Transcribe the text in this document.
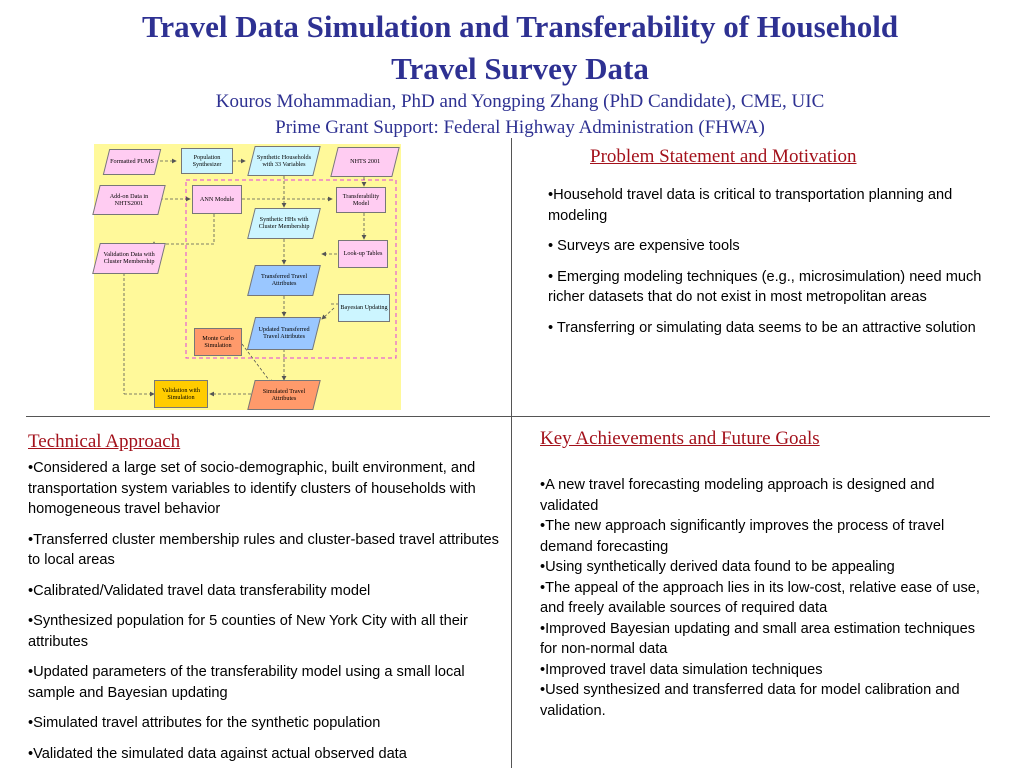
Travel Data Simulation and Transferability of Household
Travel Survey Data
Kouros Mohammadian, PhD and Yongping Zhang (PhD Candidate), CME, UIC
Prime Grant Support: Federal Highway Administration (FHWA)
Formatted PUMS
Population Synthesizer
Synthetic Households with 33 Variables	NHTS 2001
Add-on Data in NHTS2001
ANN Module	Transferability Model
Synthetic HHs with Cluster Membership
Validation Data with Cluster Membership
Look-up Tables
Transferred Travel Attributes
Bayesian Updating
Updated Transferred Travel Attributes
Monte Carlo Simulation
Validation with Simulation
Simulated Travel Attributes
Problem Statement and Motivation

•Household travel data is critical to transportation planning and modeling

• Surveys are expensive tools

• Emerging modeling techniques (e.g., microsimulation) need much richer datasets that do not exist in most metropolitan areas

• Transferring or simulating data seems to be an attractive solution

Technical Approach

•Considered a large set of socio-demographic, built environment, and transportation system variables to identify clusters of households with homogeneous travel behavior

•Transferred cluster membership rules and cluster-based travel attributes to local areas

•Calibrated/Validated travel data transferability model

•Synthesized population for 5 counties of New York City with all their attributes

•Updated parameters of the transferability model using a small local sample and Bayesian updating

•Simulated travel attributes for the synthetic population

•Validated the simulated data against actual observed data

Key Achievements and Future Goals

•A new travel forecasting modeling approach is designed and validated

•The new approach significantly improves the process of travel demand forecasting

•Using synthetically derived data found to be appealing

•The appeal of the approach lies in its low-cost, relative ease of use, and freely available sources of required data

•Improved Bayesian updating and small area estimation techniques for non-normal data

•Improved travel data simulation techniques

•Used synthesized and transferred data for model calibration and validation.
